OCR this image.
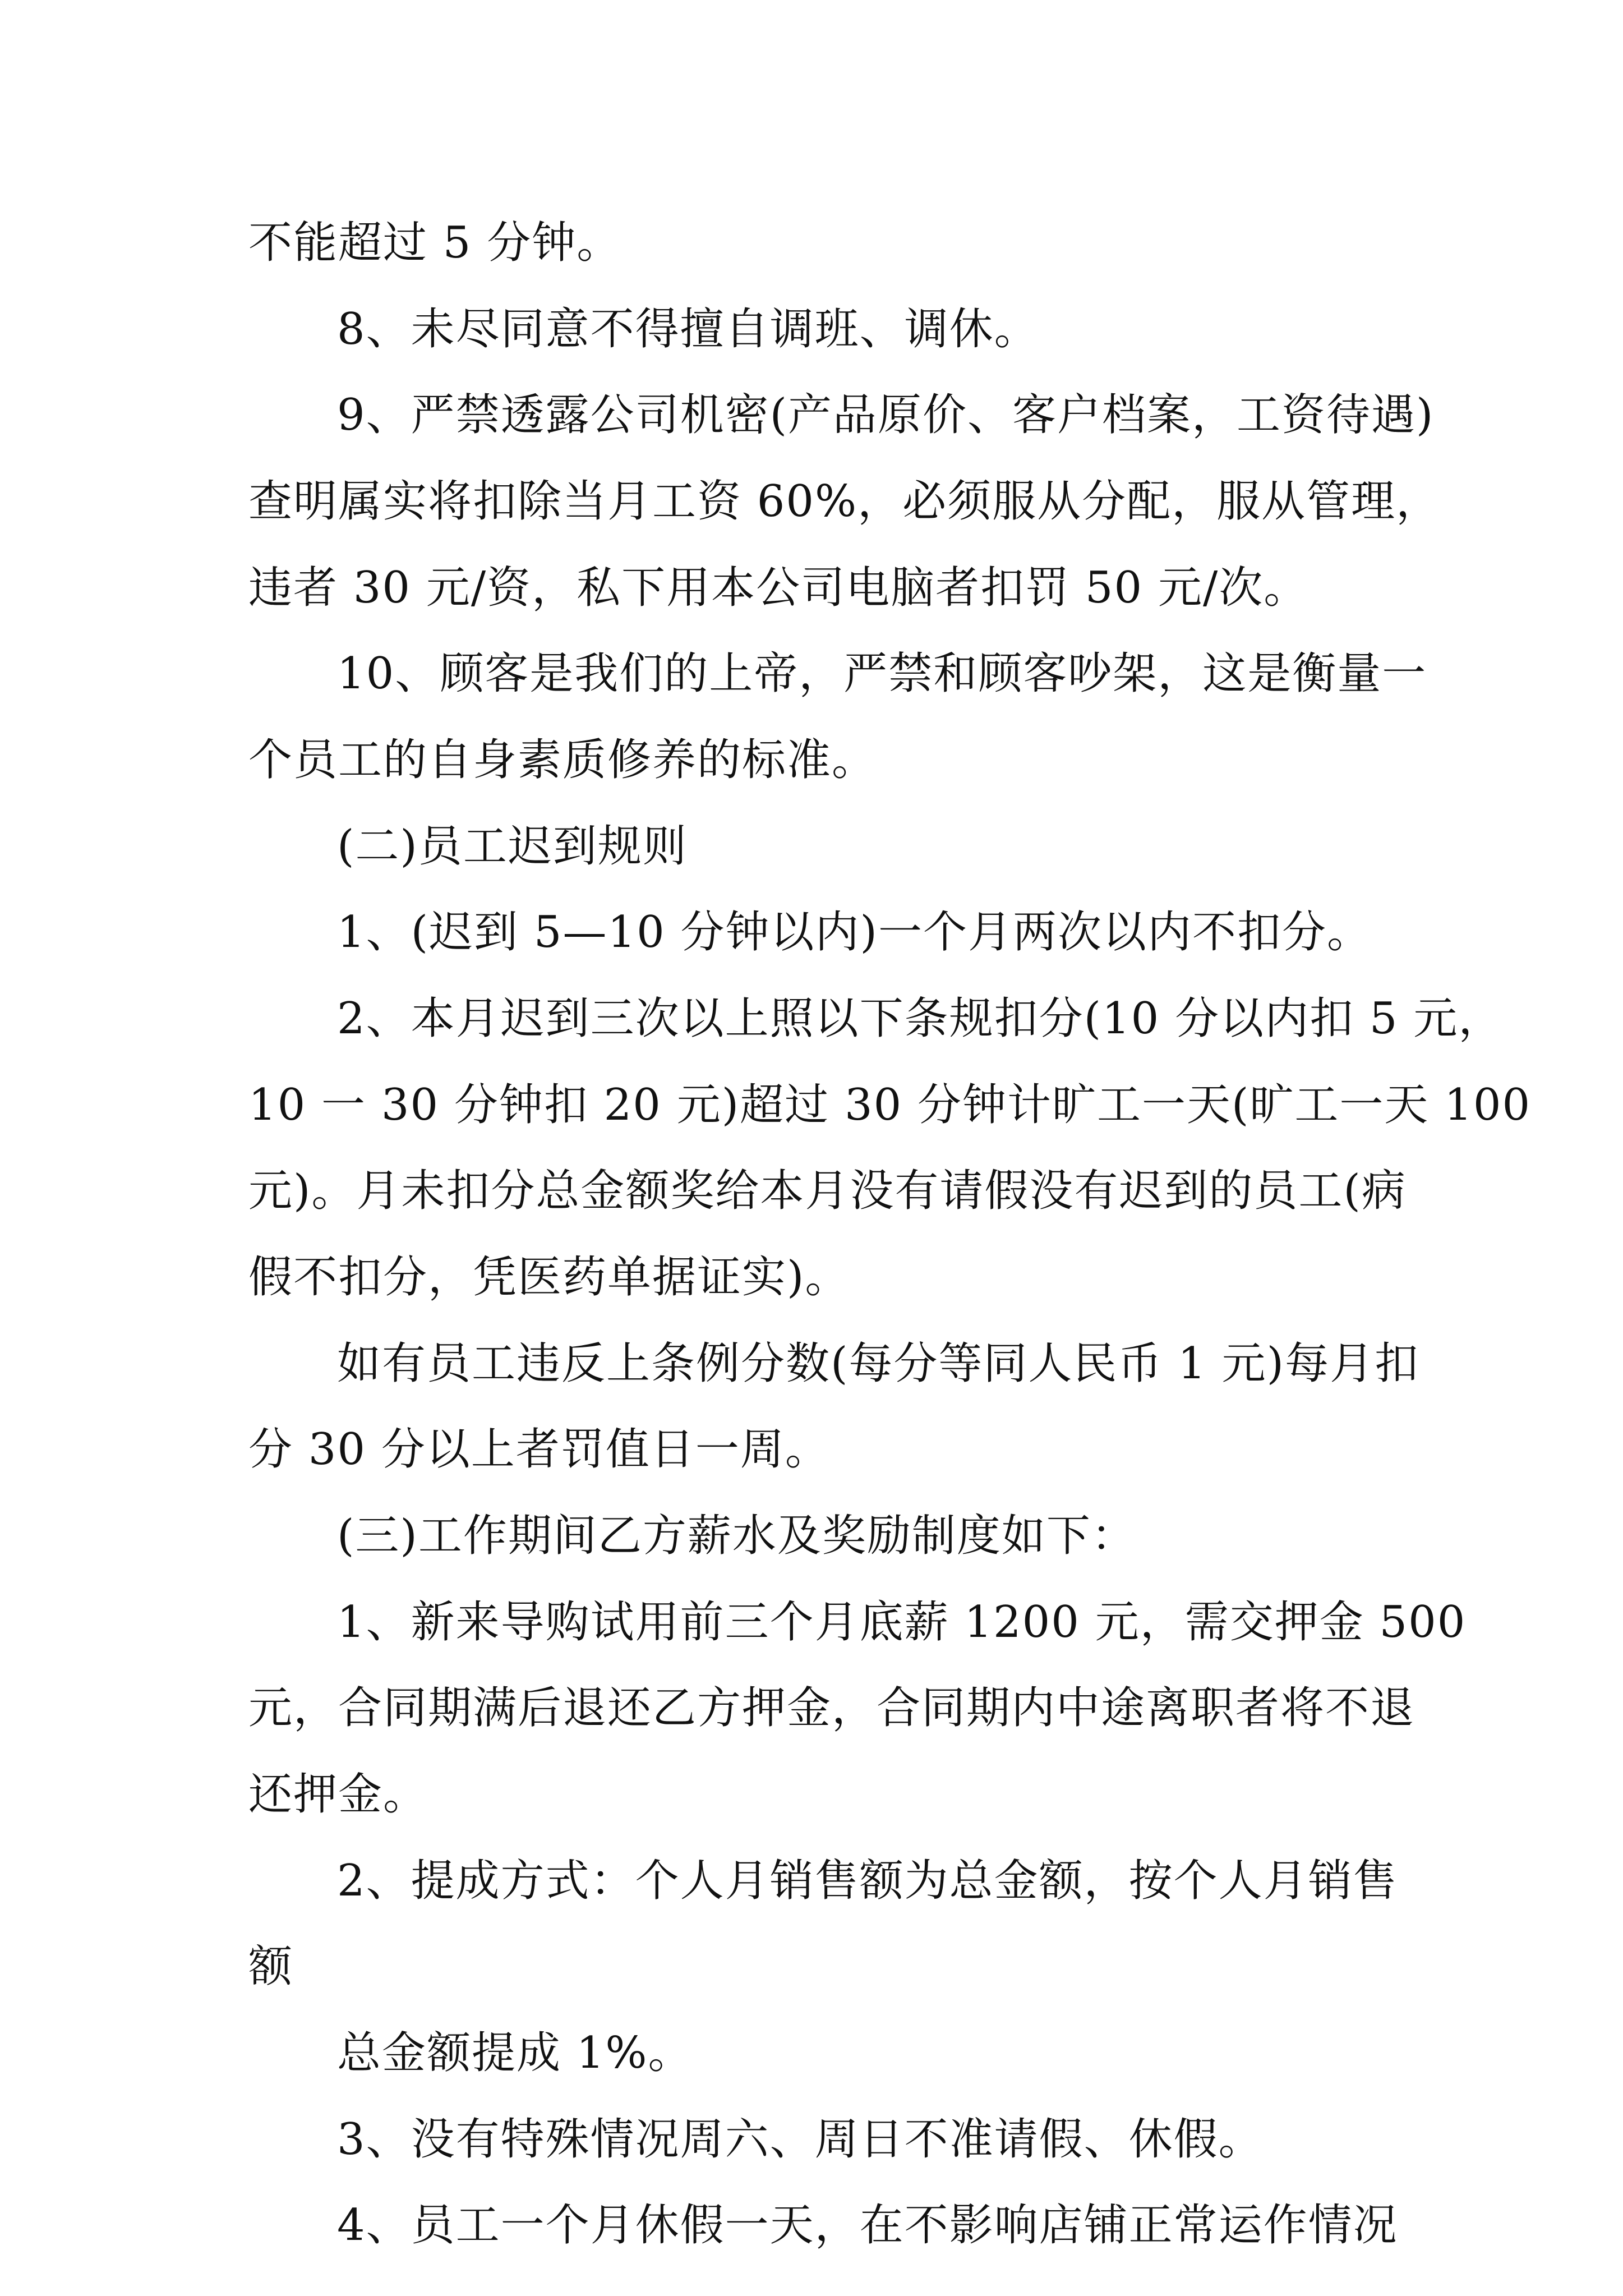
不能超过 5 分钟。
8、未尽同意不得擅自调班、调休。
9、严禁透露公司机密(产品原价、客户档案，工资待遇)
查明属实将扣除当月工资 60%，必须服从分配，服从管理，
违者 30 元/资，私下用本公司电脑者扣罚 50 元/次。
10、顾客是我们的上帝，严禁和顾客吵架，这是衡量一
个员工的自身素质修养的标准。
(二)员工迟到规则
1、(迟到 5—10 分钟以内)一个月两次以内不扣分。
2、本月迟到三次以上照以下条规扣分(10 分以内扣 5 元，
10 一 30 分钟扣 20 元)超过 30 分钟计旷工一天(旷工一天 100
元)。月未扣分总金额奖给本月没有请假没有迟到的员工(病
假不扣分，凭医药单据证实)。
如有员工违反上条例分数(每分等同人民币 1 元)每月扣
分 30 分以上者罚值日一周。
(三)工作期间乙方薪水及奖励制度如下：
1、新来导购试用前三个月底薪 1200 元，需交押金 500
元，合同期满后退还乙方押金，合同期内中途离职者将不退
还押金。
2、提成方式：个人月销售额为总金额，按个人月销售
额
总金额提成 1%。
3、没有特殊情况周六、周日不准请假、休假。
4、员工一个月休假一天，在不影响店铺正常运作情况
